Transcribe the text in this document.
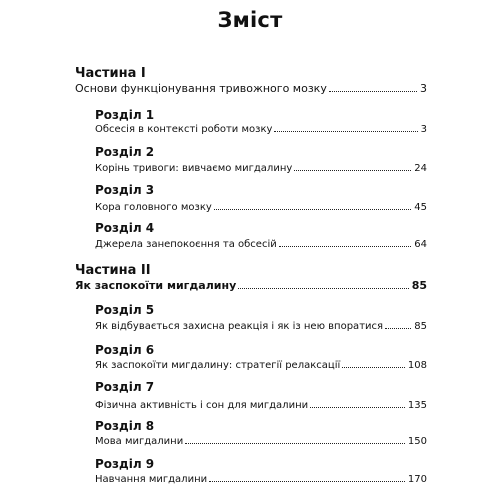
Зміст
Частина I
Основи функціонування тривожного мозку	3
Розділ 1
Обсесія в контексті роботи мозку	3
Розділ 2
Корінь тривоги: вивчаємо мигдалину	24
Розділ 3
Кора головного мозку	45
Розділ 4
Джерела занепокоєння та обсесій	64
Частина II
Як заспокоїти мигдалину	85
Розділ 5
Як відбувається захисна реакція і як із нею впоратися	85
Розділ 6
Як заспокоїти мигдалину: стратегії релаксації	108
Розділ 7
Фізична активність і сон для мигдалини	135
Розділ 8
Мова мигдалини	150
Розділ 9
Навчання мигдалини	170
